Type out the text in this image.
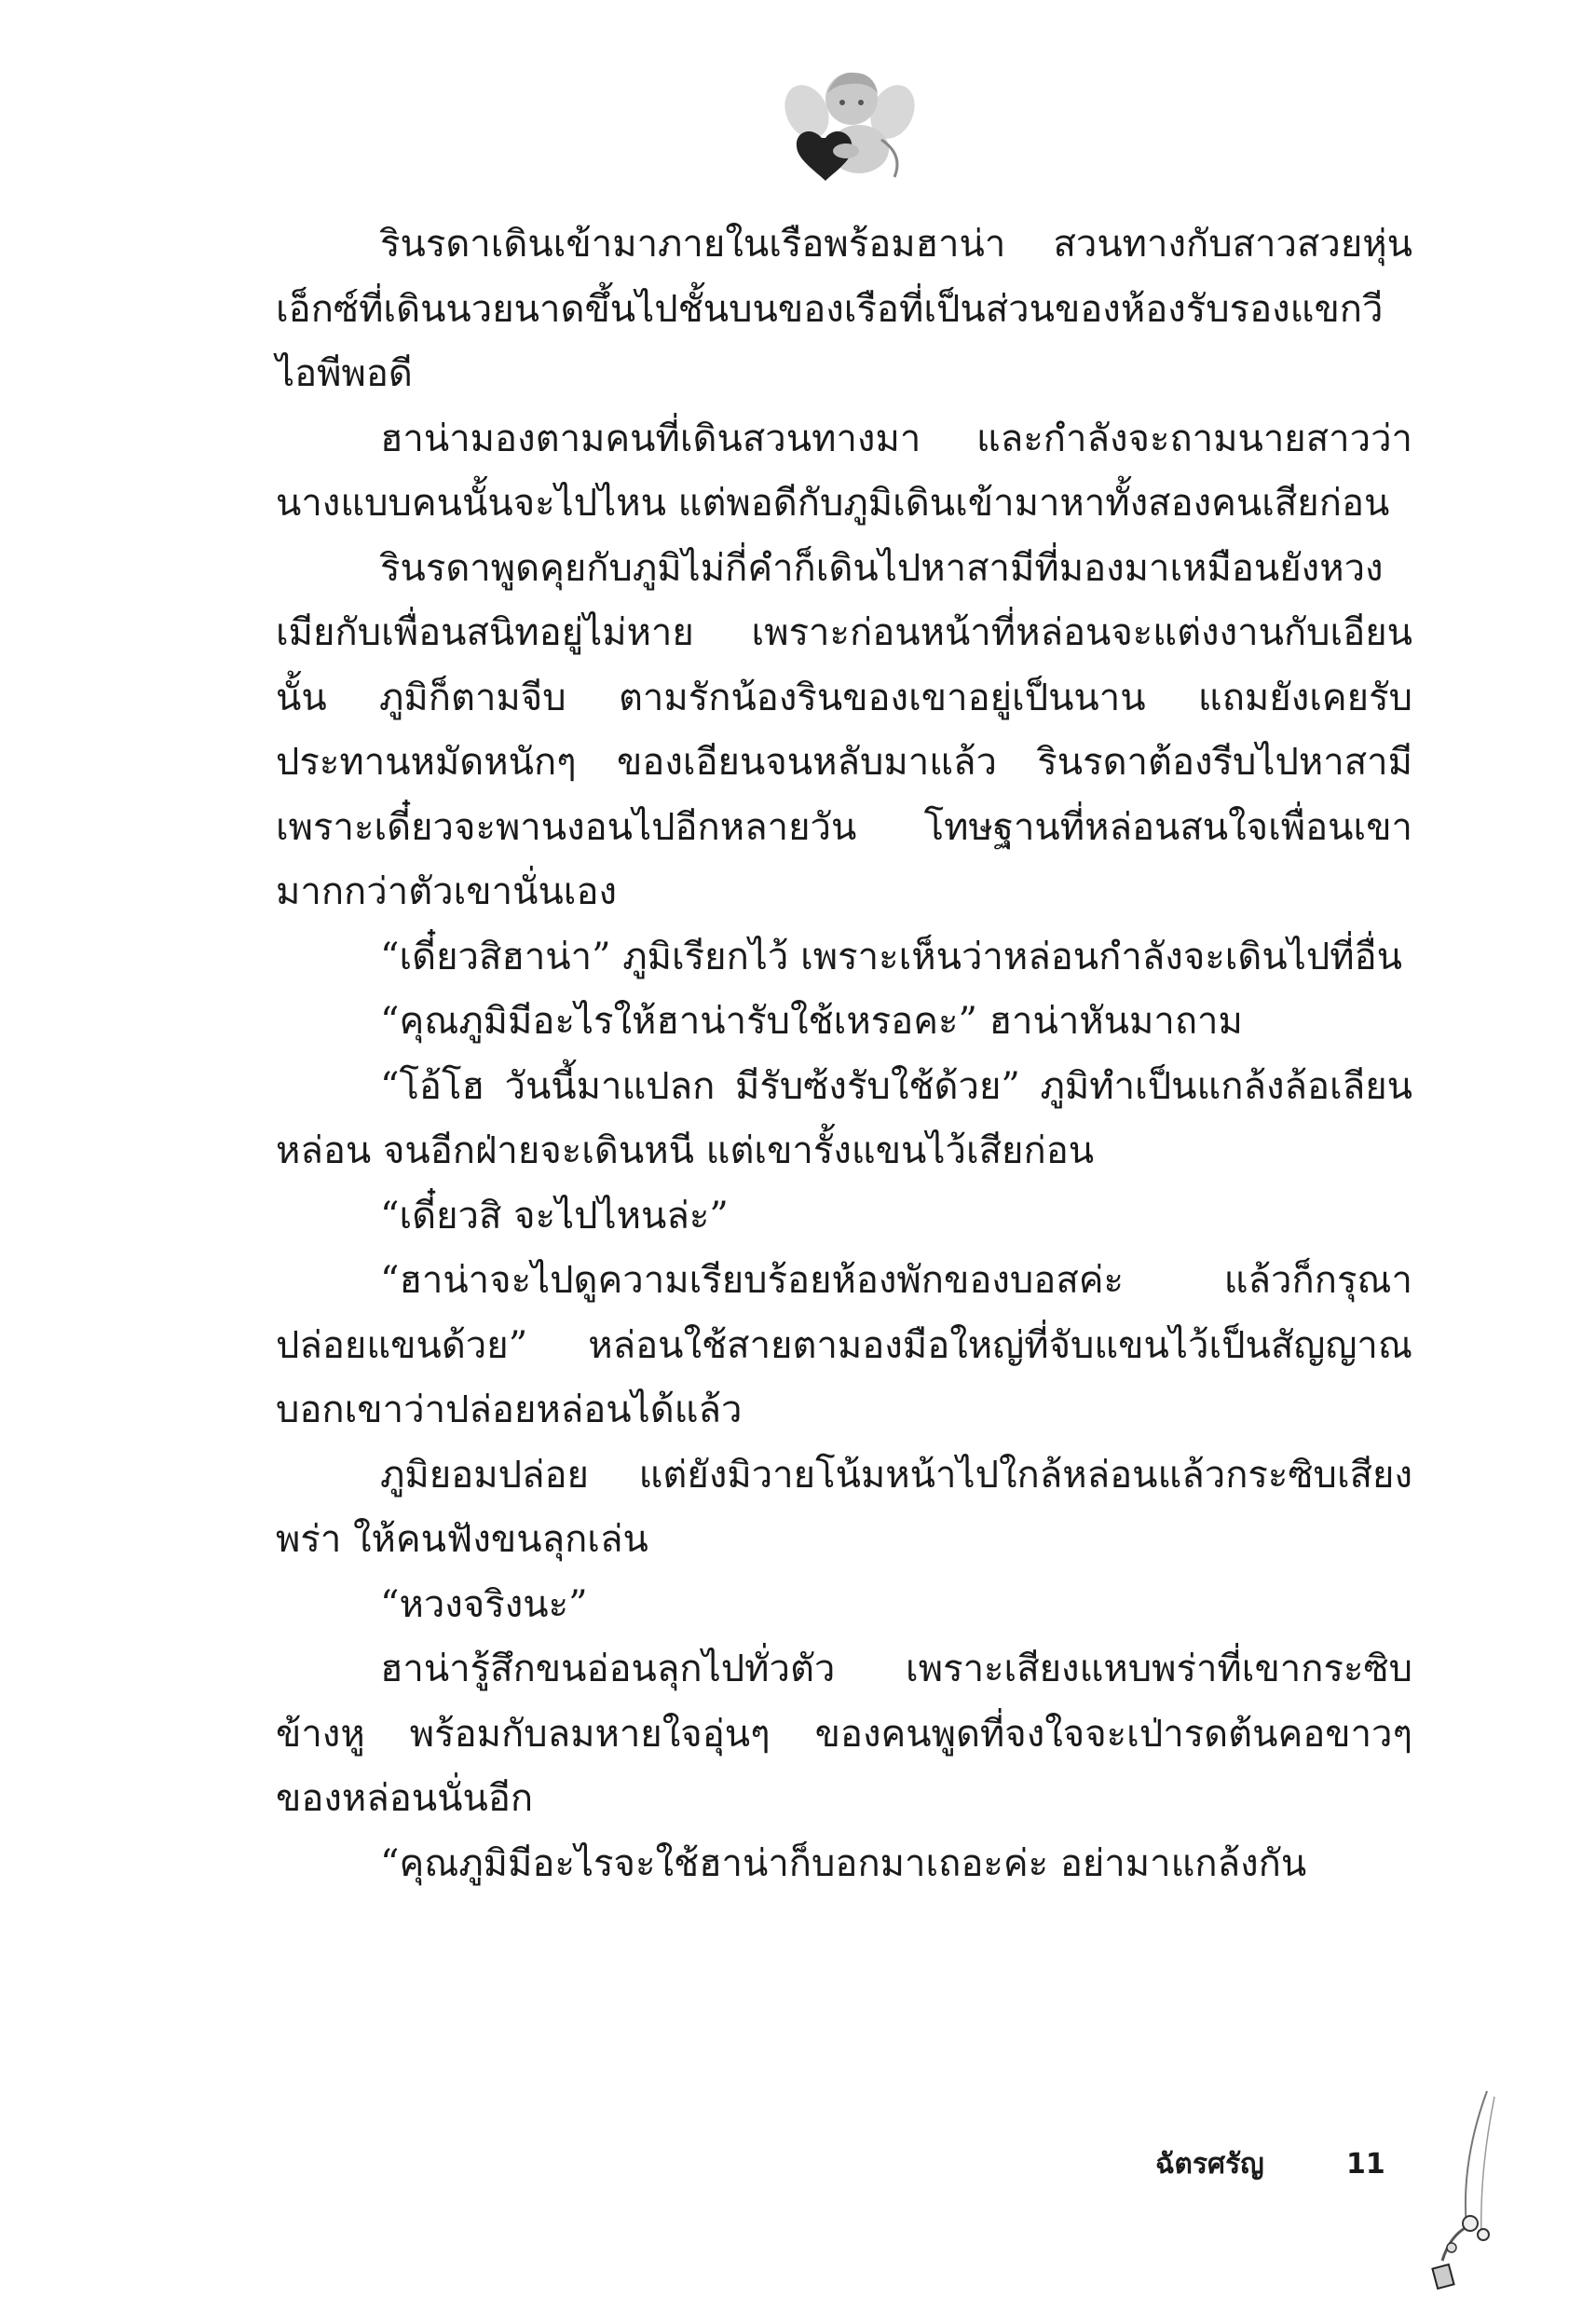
รินรดาเดินเข้ามาภายในเรือพร้อมฮาน่า สวนทางกับสาวสวยหุ่นเอ็กซ์ที่เดินนวยนาดขึ้นไปชั้นบนของเรือที่เป็นส่วนของห้องรับรองแขกวีไอพีพอดี

ฮาน่ามองตามคนที่เดินสวนทางมา และกำลังจะถามนายสาวว่านางแบบคนนั้นจะไปไหน แต่พอดีกับภูมิเดินเข้ามาหาทั้งสองคนเสียก่อน

รินรดาพูดคุยกับภูมิไม่กี่คำก็เดินไปหาสามีที่มองมาเหมือนยังหวงเมียกับเพื่อนสนิทอยู่ไม่หาย เพราะก่อนหน้าที่หล่อนจะแต่งงานกับเอียนนั้น ภูมิก็ตามจีบ ตามรักน้องรินของเขาอยู่เป็นนาน แถมยังเคยรับประทานหมัดหนักๆ ของเอียนจนหลับมาแล้ว รินรดาต้องรีบไปหาสามีเพราะเดี๋ยวจะพานงอนไปอีกหลายวัน โทษฐานที่หล่อนสนใจเพื่อนเขามากกว่าตัวเขานั่นเอง

“เดี๋ยวสิฮาน่า” ภูมิเรียกไว้ เพราะเห็นว่าหล่อนกำลังจะเดินไปที่อื่น

“คุณภูมิมีอะไรให้ฮาน่ารับใช้เหรอคะ” ฮาน่าหันมาถาม

“โอ้โฮ วันนี้มาแปลก มีรับซ้งรับใช้ด้วย” ภูมิทำเป็นแกล้งล้อเลียนหล่อน จนอีกฝ่ายจะเดินหนี แต่เขารั้งแขนไว้เสียก่อน

“เดี๋ยวสิ จะไปไหนล่ะ”

“ฮาน่าจะไปดูความเรียบร้อยห้องพักของบอสค่ะ แล้วก็กรุณาปล่อยแขนด้วย” หล่อนใช้สายตามองมือใหญ่ที่จับแขนไว้เป็นสัญญาณบอกเขาว่าปล่อยหล่อนได้แล้ว

ภูมิยอมปล่อย แต่ยังมิวายโน้มหน้าไปใกล้หล่อนแล้วกระซิบเสียงพร่า ให้คนฟังขนลุกเล่น

“หวงจริงนะ”

ฮาน่ารู้สึกขนอ่อนลุกไปทั่วตัว เพราะเสียงแหบพร่าที่เขากระซิบข้างหู พร้อมกับลมหายใจอุ่นๆ ของคนพูดที่จงใจจะเป่ารดต้นคอขาวๆ ของหล่อนนั่นอีก

“คุณภูมิมีอะไรจะใช้ฮาน่าก็บอกมาเถอะค่ะ อย่ามาแกล้งกัน

ฉัตรศรัญ	11
